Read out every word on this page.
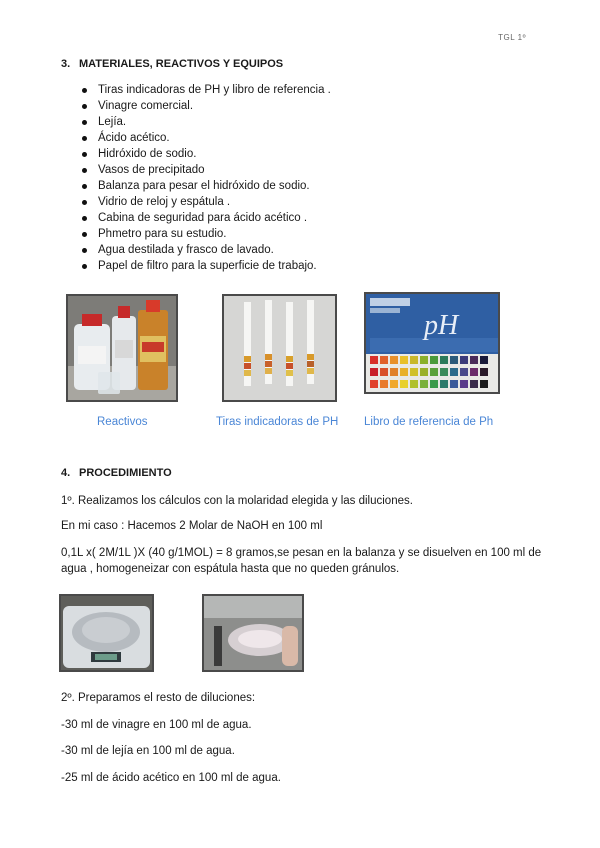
TGL 1º
3. MATERIALES, REACTIVOS Y EQUIPOS
Tiras indicadoras de PH y libro de referencia .
Vinagre comercial.
Lejía.
Ácido acético.
Hidróxido de sodio.
Vasos de precipitado
Balanza para pesar el hidróxido de sodio.
Vidrio de reloj y espátula .
Cabina de seguridad para ácido acético .
Phmetro para su estudio.
Agua destilada y frasco de lavado.
Papel de filtro para la superficie de trabajo.
Reactivos	Tiras indicadoras de PH
pH
Libro de referencia de Ph
4. PROCEDIMIENTO
1º. Realizamos los cálculos con la molaridad elegida y las diluciones.
En mi caso : Hacemos 2 Molar de NaOH en 100 ml
0,1L x( 2M/1L )X (40 g/1MOL) = 8 gramos,se pesan en la balanza y se disuelven en 100 ml de agua , homogeneizar con espátula hasta que no queden gránulos.
2º. Preparamos el resto de diluciones:
-30 ml de vinagre en 100 ml de agua.
-30 ml de lejía en 100 ml de agua.
-25 ml de ácido acético en 100 ml de agua.
